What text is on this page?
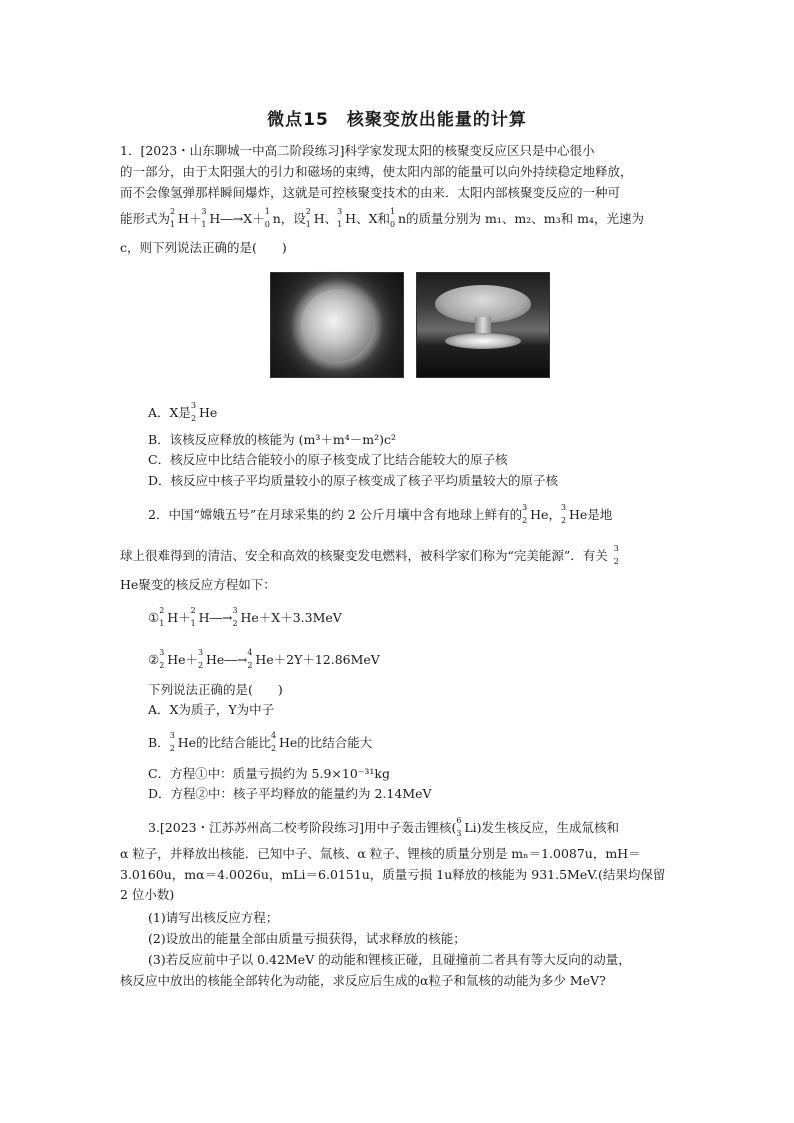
微点15　核聚变放出能量的计算
1．[2023・山东聊城一中高二阶段练习]科学家发现太阳的核聚变反应区只是中心很小
的一部分，由于太阳强大的引力和磁场的束缚，使太阳内部的能量可以向外持续稳定地释放，
而不会像氢弹那样瞬间爆炸，这就是可控核聚变技术的由来．太阳内部核聚变反应的一种可
能形式为 2
1 H＋ 3
1 H―→X＋ 1
0 n，设 2
1 H、 3
1 H、X和 1
0 n的质量分别为 m₁、m₂、m₃和 m₄，光速为
c，则下列说法正确的是(　　)
A．X是 3
2 He
B．该核反应释放的核能为 (m³＋m⁴－m²)c²
C．核反应中比结合能较小的原子核变成了比结合能较大的原子核
D．核反应中核子平均质量较小的原子核变成了核子平均质量较大的原子核
2．中国“嫦娥五号”在月球采集的约 2 公斤月壤中含有地球上鲜有的 3
2 He， 3
2 He是地
球上很难得到的清洁、安全和高效的核聚变发电燃料，被科学家们称为“完美能源”．有关 3
2
He聚变的核反应方程如下：
① 2
1 H＋ 2
1 H―→ 3
2 He＋X＋3.3MeV
② 3
2 He＋ 3
2 He―→ 4
2 He＋2Y＋12.86MeV
下列说法正确的是(　　)
A．X为质子，Y为中子
B． 3
2 He的比结合能比 4
2 He的比结合能大
C．方程①中：质量亏损约为 5.9×10⁻³¹kg
D．方程②中：核子平均释放的能量约为 2.14MeV
3.[2023・江苏苏州高二校考阶段练习]用中子轰击锂核( 6
3 Li)发生核反应，生成氚核和
α 粒子，并释放出核能．已知中子、氚核、α 粒子、锂核的质量分别是 mₙ＝1.0087u，mH＝
3.0160u，mα＝4.0026u，mLi＝6.0151u，质量亏损 1u释放的核能为 931.5MeV.(结果均保留
2 位小数)
(1)请写出核反应方程；
(2)设放出的能量全部由质量亏损获得，试求释放的核能；
(3)若反应前中子以 0.42MeV 的动能和锂核正碰，且碰撞前二者具有等大反向的动量，
核反应中放出的核能全部转化为动能，求反应后生成的α粒子和氚核的动能为多少 MeV?
